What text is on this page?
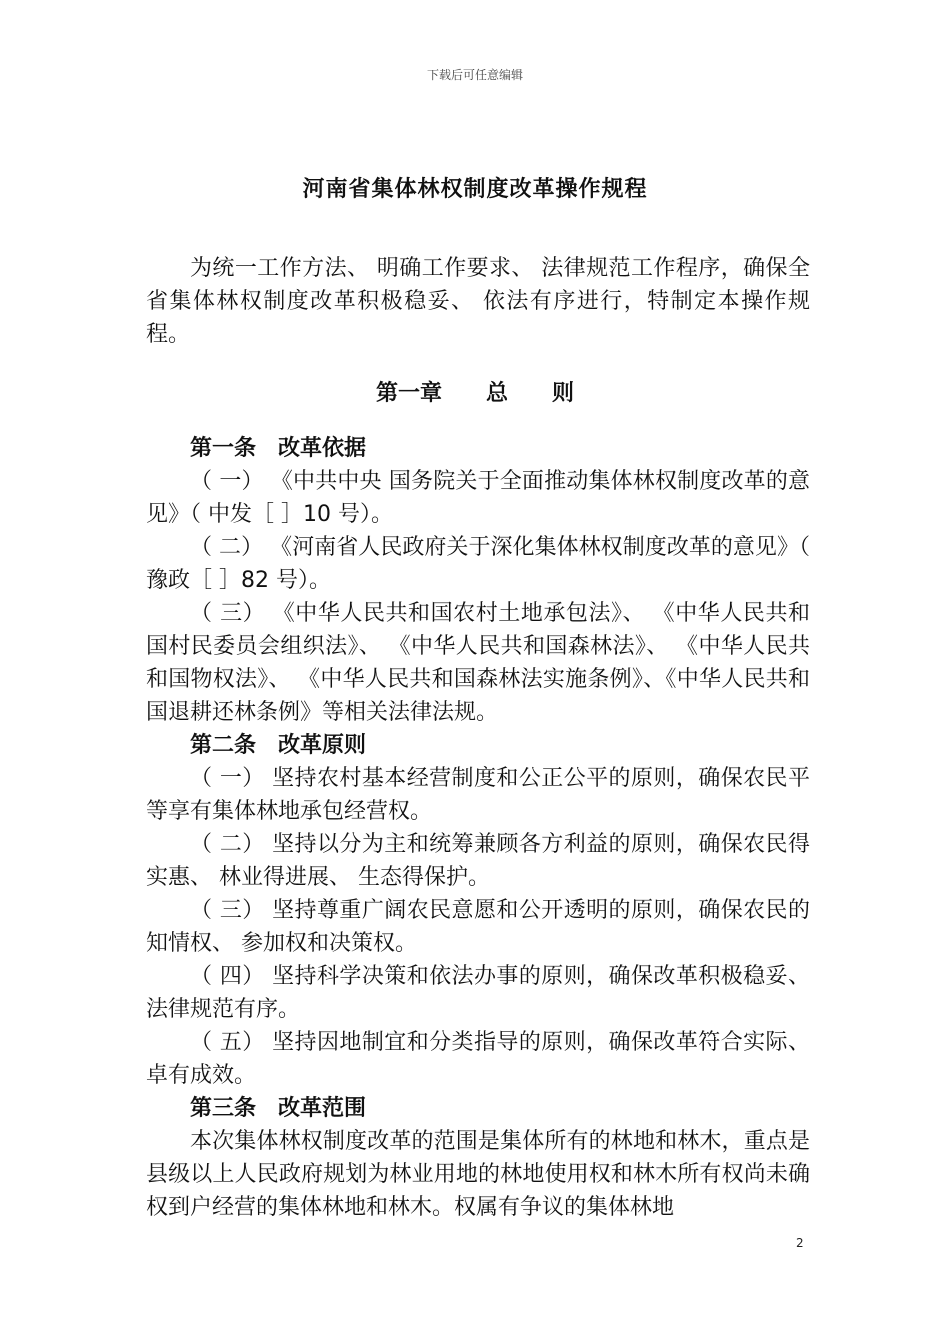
下载后可任意编辑
河南省集体林权制度改革操作规程

为统一工作方法、 明确工作要求、 法律规范工作程序，确保全省集体林权制度改革积极稳妥、 依法有序进行，特制定本操作规程。

第一章 总 则

第一条　改革依据

（ 一） 《中共中央 国务院关于全面推动集体林权制度改革的意见》（ 中发［ ］10 号）。

（ 二） 《河南省人民政府关于深化集体林权制度改革的意见》（ 豫政［ ］82 号）。

（ 三） 《中华人民共和国农村土地承包法》、 《中华人民共和国村民委员会组织法》、 《中华人民共和国森林法》、 《中华人民共和国物权法》、 《中华人民共和国森林法实施条例》、《中华人民共和国退耕还林条例》等相关法律法规。

第二条　改革原则

（ 一） 坚持农村基本经营制度和公正公平的原则，确保农民平等享有集体林地承包经营权。

（ 二） 坚持以分为主和统筹兼顾各方利益的原则，确保农民得实惠、 林业得进展、 生态得保护。

（ 三） 坚持尊重广阔农民意愿和公开透明的原则，确保农民的知情权、 参加权和决策权。

（ 四） 坚持科学决策和依法办事的原则，确保改革积极稳妥、 法律规范有序。

（ 五） 坚持因地制宜和分类指导的原则，确保改革符合实际、 卓有成效。

第三条　改革范围

本次集体林权制度改革的范围是集体所有的林地和林木，重点是县级以上人民政府规划为林业用地的林地使用权和林木所有权尚未确权到户经营的集体林地和林木。权属有争议的集体林地

2
